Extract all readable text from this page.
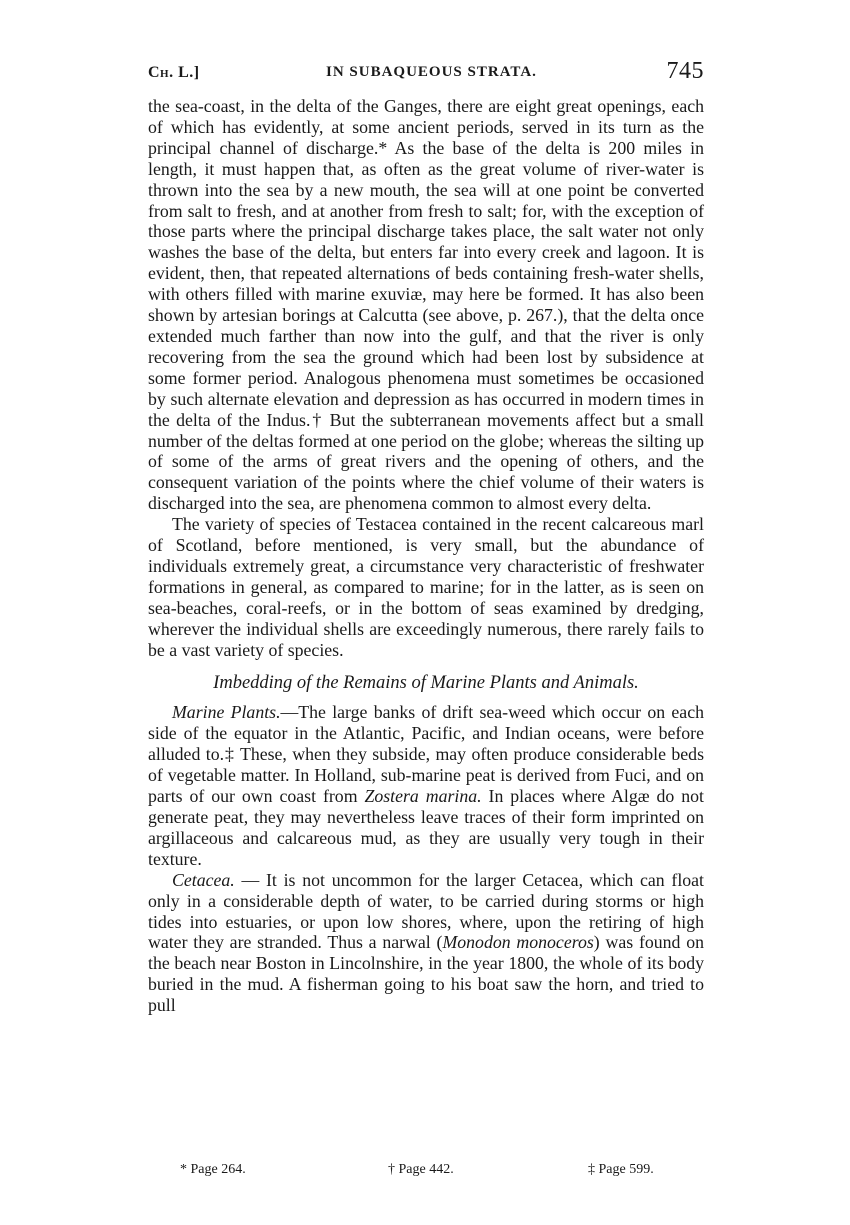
Ch. L.]	IN SUBAQUEOUS STRATA.	745

the sea-coast, in the delta of the Ganges, there are eight great openings, each of which has evidently, at some ancient periods, served in its turn as the principal channel of discharge.* As the base of the delta is 200 miles in length, it must happen that, as often as the great volume of river-water is thrown into the sea by a new mouth, the sea will at one point be converted from salt to fresh, and at another from fresh to salt; for, with the exception of those parts where the principal discharge takes place, the salt water not only washes the base of the delta, but enters far into every creek and lagoon. It is evident, then, that repeated alternations of beds containing fresh-water shells, with others filled with marine exuviæ, may here be formed. It has also been shown by artesian borings at Calcutta (see above, p. 267.), that the delta once extended much farther than now into the gulf, and that the river is only recovering from the sea the ground which had been lost by subsidence at some former period. Analogous phenomena must sometimes be occasioned by such alternate elevation and depression as has occurred in modern times in the delta of the Indus.† But the subterranean movements affect but a small number of the deltas formed at one period on the globe; whereas the silting up of some of the arms of great rivers and the opening of others, and the consequent variation of the points where the chief volume of their waters is discharged into the sea, are phenomena common to almost every delta.

The variety of species of Testacea contained in the recent calcareous marl of Scotland, before mentioned, is very small, but the abundance of individuals extremely great, a circumstance very characteristic of freshwater formations in general, as compared to marine; for in the latter, as is seen on sea-beaches, coral-reefs, or in the bottom of seas examined by dredging, wherever the individual shells are exceedingly numerous, there rarely fails to be a vast variety of species.

Imbedding of the Remains of Marine Plants and Animals.

Marine Plants.—The large banks of drift sea-weed which occur on each side of the equator in the Atlantic, Pacific, and Indian oceans, were before alluded to.‡ These, when they subside, may often produce considerable beds of vegetable matter. In Holland, sub-marine peat is derived from Fuci, and on parts of our own coast from Zostera marina. In places where Algæ do not generate peat, they may nevertheless leave traces of their form imprinted on argillaceous and calcareous mud, as they are usually very tough in their texture.

Cetacea. — It is not uncommon for the larger Cetacea, which can float only in a considerable depth of water, to be carried during storms or high tides into estuaries, or upon low shores, where, upon the retiring of high water they are stranded. Thus a narwal (Monodon monoceros) was found on the beach near Boston in Lincolnshire, in the year 1800, the whole of its body buried in the mud. A fisherman going to his boat saw the horn, and tried to pull

* Page 264.	† Page 442.	‡ Page 599.
